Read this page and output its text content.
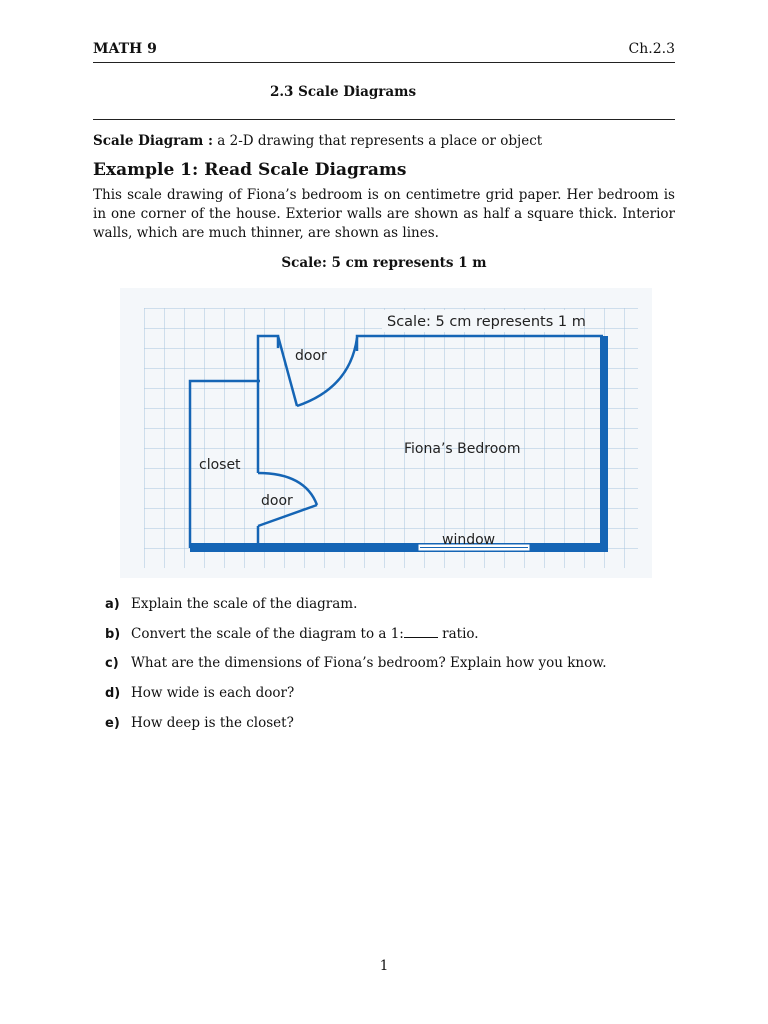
MATH 9	Ch.2.3
2.3 Scale Diagrams
Scale Diagram : a 2-D drawing that represents a place or object
Example 1: Read Scale Diagrams
This scale drawing of Fiona’s bedroom is on centimetre grid paper. Her bedroom is in one corner of the house. Exterior walls are shown as half a square thick. Interior walls, which are much thinner, are shown as lines.
Scale: 5 cm represents 1 m
Scale: 5 cm represents 1 m
door
closet
Fiona’s Bedroom
door
window
a) Explain the scale of the diagram.
b) Convert the scale of the diagram to a 1:	ratio.
c) What are the dimensions of Fiona’s bedroom? Explain how you know.
d) How wide is each door?
e) How deep is the closet?
1
